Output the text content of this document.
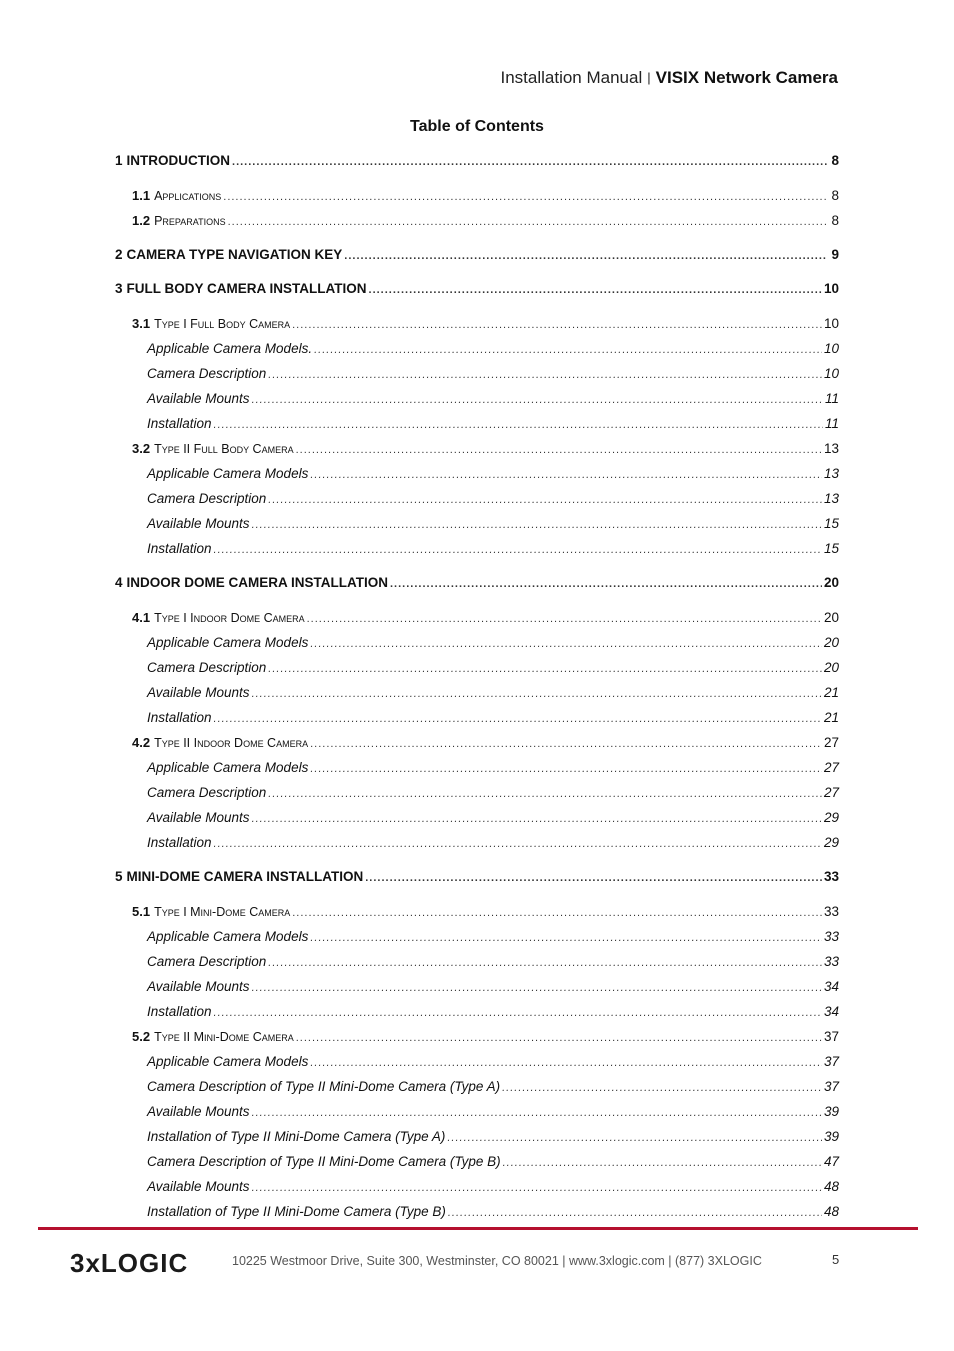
Installation Manual | VISIX Network Camera
Table of Contents
1 INTRODUCTION .....	8
1.1 Applications .....	8
1.2 Preparations .....	8
2 CAMERA TYPE NAVIGATION KEY .....	9
3 FULL BODY CAMERA INSTALLATION .....	10
3.1 Type I Full Body Camera .....	10
Applicable Camera Models. .....	10
Camera Description .....	10
Available Mounts .....	11
Installation .....	11
3.2 Type II Full Body Camera .....	13
Applicable Camera Models .....	13
Camera Description .....	13
Available Mounts .....	15
Installation .....	15
4 INDOOR DOME CAMERA INSTALLATION .....	20
4.1 Type I Indoor Dome Camera .....	20
Applicable Camera Models .....	20
Camera Description .....	20
Available Mounts .....	21
Installation .....	21
4.2 Type II Indoor Dome Camera .....	27
Applicable Camera Models .....	27
Camera Description .....	27
Available Mounts .....	29
Installation .....	29
5 MINI-DOME CAMERA INSTALLATION .....	33
5.1 Type I Mini-Dome Camera .....	33
Applicable Camera Models .....	33
Camera Description .....	33
Available Mounts .....	34
Installation .....	34
5.2 Type II Mini-Dome Camera .....	37
Applicable Camera Models .....	37
Camera Description of Type II Mini-Dome Camera (Type A) .....	37
Available Mounts .....	39
Installation of Type II Mini-Dome Camera (Type A) .....	39
Camera Description of Type II Mini-Dome Camera (Type B) .....	47
Available Mounts .....	48
Installation of Type II Mini-Dome Camera (Type B) .....	48
3xLOGIC	10225 Westmoor Drive, Suite 300, Westminster, CO 80021 | www.3xlogic.com | (877) 3XLOGIC	5
